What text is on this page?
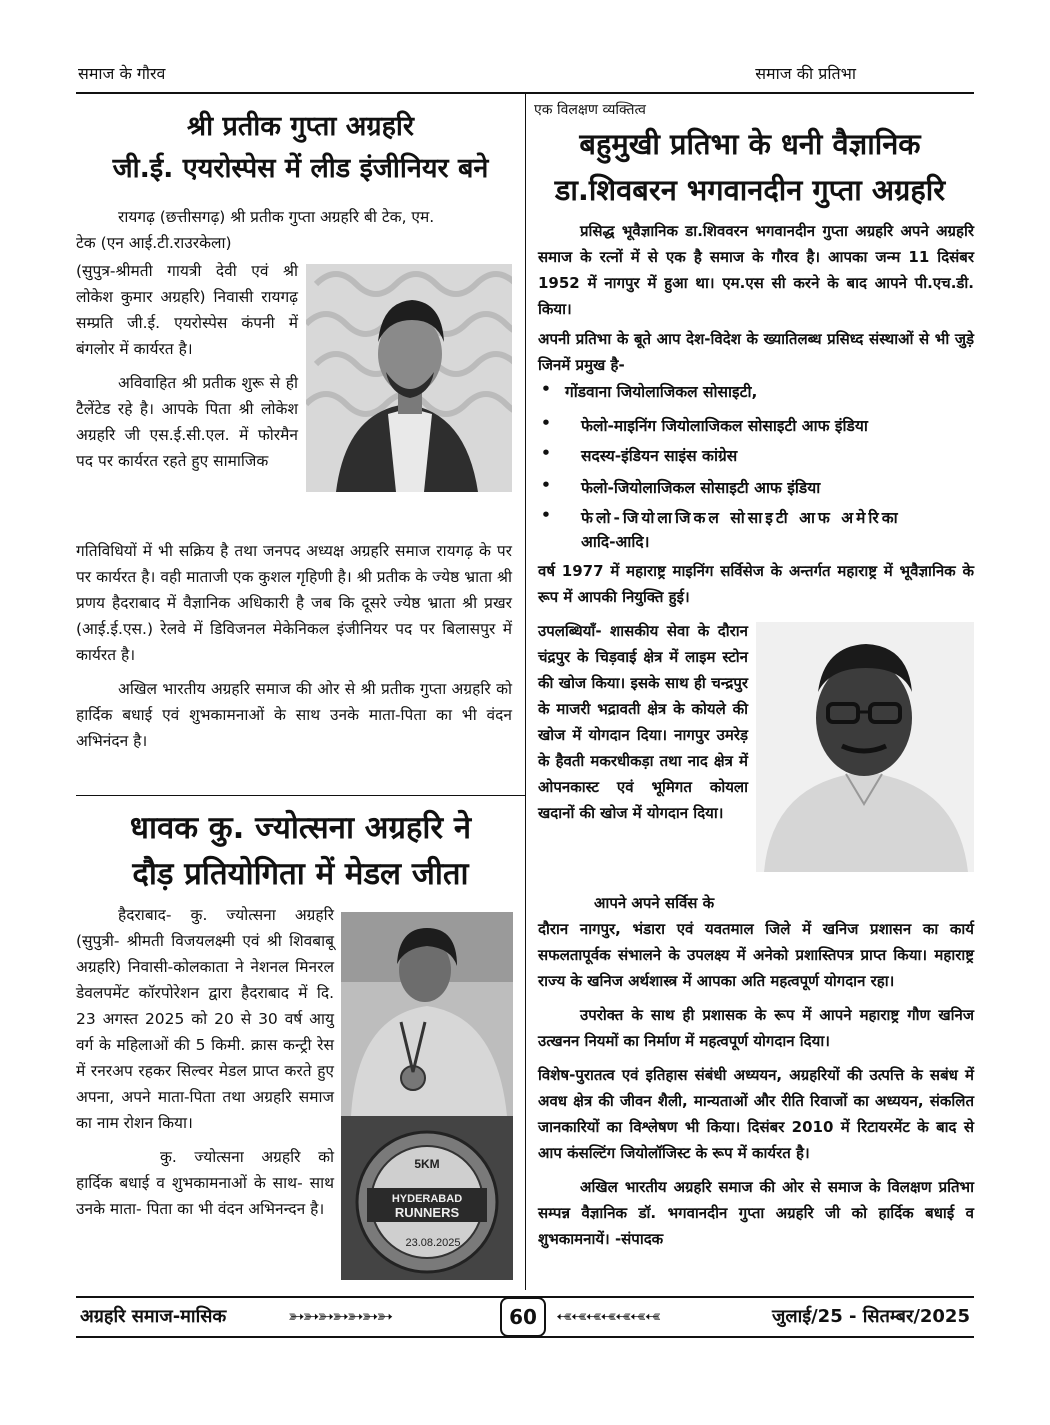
समाज के गौरव	समाज की प्रतिभा
श्री प्रतीक गुप्ता अग्रहरि
जी.ई. एयरोस्पेस में लीड इंजीनियर बने

रायगढ़ (छत्तीसगढ़) श्री प्रतीक गुप्ता अग्रहरि बी टेक, एम.

टेक (एन आई.टी.राउरकेला)

(सुपुत्र-श्रीमती गायत्री देवी एवं श्री लोकेश कुमार अग्रहरि) निवासी रायगढ़ सम्प्रति जी.ई. एयरोस्पेस कंपनी में बंगलोर में कार्यरत है।

अविवाहित श्री प्रतीक शुरू से ही टैलेंटेड रहे है। आपके पिता श्री लोकेश अग्रहरि जी एस.ई.सी.एल. में फोरमैन पद पर कार्यरत रहते हुए सामाजिक

गतिविधियों में भी सक्रिय है तथा जनपद अध्यक्ष अग्रहरि समाज रायगढ़ के पर पर कार्यरत है। वही माताजी एक कुशल गृहिणी है। श्री प्रतीक के ज्येष्ठ भ्राता श्री प्रणय हैदराबाद में वैज्ञानिक अधिकारी है जब कि दूसरे ज्येष्ठ भ्राता श्री प्रखर (आई.ई.एस.) रेलवे में डिविजनल मेकेनिकल इंजीनियर पद पर बिलासपुर में कार्यरत है।

अखिल भारतीय अग्रहरि समाज की ओर से श्री प्रतीक गुप्ता अग्रहरि को हार्दिक बधाई एवं शुभकामनाओं के साथ उनके माता-पिता का भी वंदन अभिनंदन है।

धावक कु. ज्योत्सना अग्रहरि ने
दौड़ प्रतियोगिता में मेडल जीता

हैदराबाद- कु. ज्योत्सना अग्रहरि (सुपुत्री- श्रीमती विजयलक्ष्मी एवं श्री शिवबाबू अग्रहरि) निवासी-कोलकाता ने नेशनल मिनरल डेवलपमेंट कॉरपोरेशन द्वारा हैदराबाद में दि. 23 अगस्त 2025 को 20 से 30 वर्ष आयु वर्ग के महिलाओं की 5 किमी. क्रास कन्ट्री रेस में रनरअप रहकर सिल्वर मेडल प्राप्त करते हुए अपना, अपने माता-पिता तथा अग्रहरि समाज का नाम रोशन किया।

कु. ज्योत्सना अग्रहरि को हार्दिक बधाई व शुभकामनाओं के साथ- साथ उनके माता- पिता का भी वंदन अभिनन्दन है।

5KM
HYDERABAD
RUNNERS
23.08.2025
एक विलक्षण व्यक्तित्व
बहुमुखी प्रतिभा के धनी वैज्ञानिक
डा.शिवबरन भगवानदीन गुप्ता अग्रहरि

प्रसिद्ध भूवैज्ञानिक डा.शिववरन भगवानदीन गुप्ता अग्रहरि अपने अग्रहरि समाज के रत्नों में से एक है समाज के गौरव है। आपका जन्म 11 दिसंबर 1952 में नागपुर में हुआ था। एम.एस सी करने के बाद आपने पी.एच.डी. किया।

अपनी प्रतिभा के बूते आप देश-विदेश के ख्यातिलब्ध प्रसिध्द संस्थाओं से भी जुड़े जिनमें प्रमुख है-

• गोंडवाना जियोलाजिकल सोसाइटी,
• फेलो-माइनिंग जियोलाजिकल सोसाइटी आफ इंडिया
• सदस्य-इंडियन साइंस कांग्रेस
• फेलो-जियोलाजिकल सोसाइटी आफ इंडिया
• फेलो-जियोलाजिकल सोसाइटी आफ अमेरिका
आदि-आदि।

वर्ष 1977 में महाराष्ट्र माइनिंग सर्विसेज के अन्तर्गत महाराष्ट्र में भूवैज्ञानिक के रूप में आपकी नियुक्ति हुई।

उपलब्धियाँ- शासकीय सेवा के दौरान चंद्रपुर के चिड़वाई क्षेत्र में लाइम स्टोन की खोज किया। इसके साथ ही चन्द्रपुर के माजरी भद्रावती क्षेत्र के कोयले की खोज में योगदान दिया। नागपुर उमरेड़ के हैवती मकरधीकड़ा तथा नाद क्षेत्र में ओपनकास्ट एवं भूमिगत कोयला खदानों की खोज में योगदान दिया।

आपने अपने सर्विस के

दौरान नागपुर, भंडारा एवं यवतमाल जिले में खनिज प्रशासन का कार्य सफलतापूर्वक संभालने के उपलक्ष्य में अनेको प्रशास्तिपत्र प्राप्त किया। महाराष्ट्र राज्य के खनिज अर्थशास्त्र में आपका अति महत्वपूर्ण योगदान रहा।

उपरोक्त के साथ ही प्रशासक के रूप में आपने महाराष्ट्र गौण खनिज उत्खनन नियमों का निर्माण में महत्वपूर्ण योगदान दिया।

विशेष-पुरातत्व एवं इतिहास संबंधी अध्ययन, अग्रहरियों की उत्पत्ति के सबंध में अवध क्षेत्र की जीवन शैली, मान्यताओं और रीति रिवाजों का अध्ययन, संकलित जानकारियों का विश्लेषण भी किया। दिसंबर 2010 में रिटायरमेंट के बाद से आप कंसल्टिंग जियोलॉजिस्ट के रूप में कार्यरत है।

अखिल भारतीय अग्रहरि समाज की ओर से समाज के विलक्षण प्रतिभा सम्पन्न वैज्ञानिक डॉ. भगवानदीन गुप्ता अग्रहरि जी को हार्दिक बधाई व शुभकामनायें। -संपादक

अग्रहरि समाज-मासिक	➳➳➳➳➳➳➳	60	➳➳➳➳➳➳➳	जुलाई/25 - सितम्बर/2025
